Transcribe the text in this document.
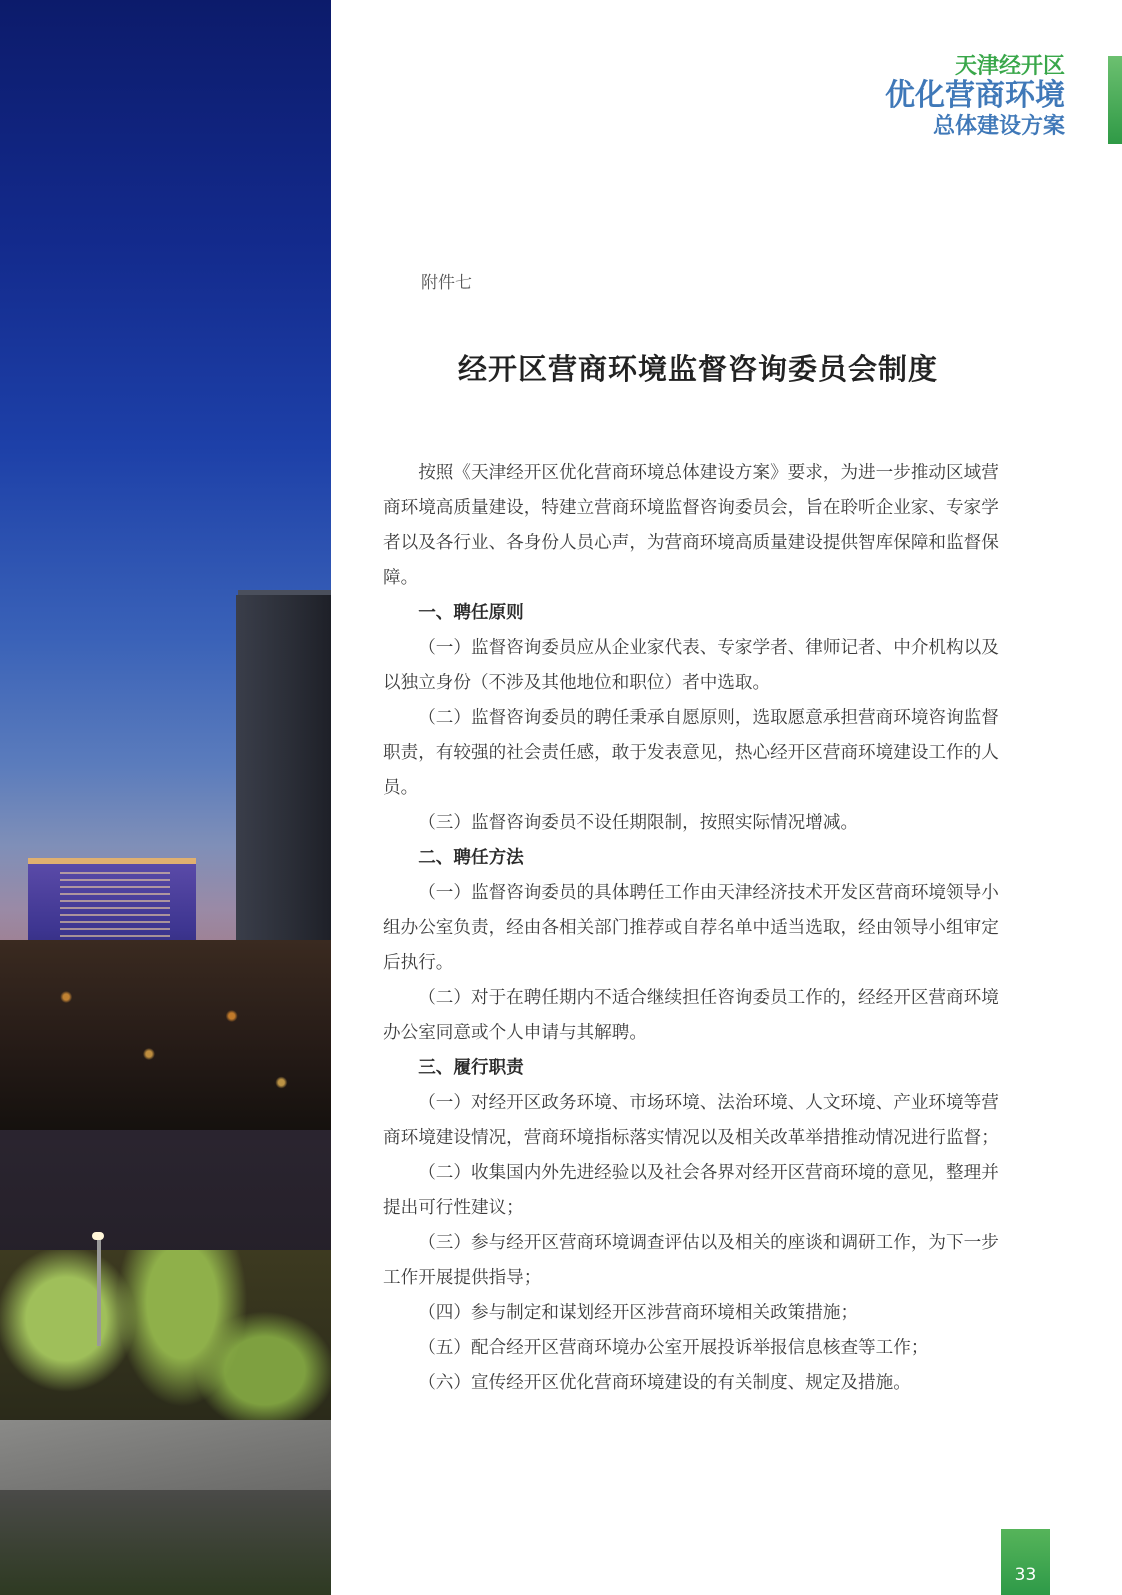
天津经开区
优化营商环境
总体建设方案
附件七
经开区营商环境监督咨询委员会制度

按照《天津经开区优化营商环境总体建设方案》要求，为进一步推动区域营商环境高质量建设，特建立营商环境监督咨询委员会，旨在聆听企业家、专家学者以及各行业、各身份人员心声，为营商环境高质量建设提供智库保障和监督保障。

一、聘任原则

（一）监督咨询委员应从企业家代表、专家学者、律师记者、中介机构以及以独立身份（不涉及其他地位和职位）者中选取。

（二）监督咨询委员的聘任秉承自愿原则，选取愿意承担营商环境咨询监督职责，有较强的社会责任感，敢于发表意见，热心经开区营商环境建设工作的人员。

（三）监督咨询委员不设任期限制，按照实际情况增减。

二、聘任方法

（一）监督咨询委员的具体聘任工作由天津经济技术开发区营商环境领导小组办公室负责，经由各相关部门推荐或自荐名单中适当选取，经由领导小组审定后执行。

（二）对于在聘任期内不适合继续担任咨询委员工作的，经经开区营商环境办公室同意或个人申请与其解聘。

三、履行职责

（一）对经开区政务环境、市场环境、法治环境、人文环境、产业环境等营商环境建设情况，营商环境指标落实情况以及相关改革举措推动情况进行监督；

（二）收集国内外先进经验以及社会各界对经开区营商环境的意见，整理并提出可行性建议；

（三）参与经开区营商环境调查评估以及相关的座谈和调研工作，为下一步工作开展提供指导；

（四）参与制定和谋划经开区涉营商环境相关政策措施；

（五）配合经开区营商环境办公室开展投诉举报信息核查等工作；

（六）宣传经开区优化营商环境建设的有关制度、规定及措施。

33
